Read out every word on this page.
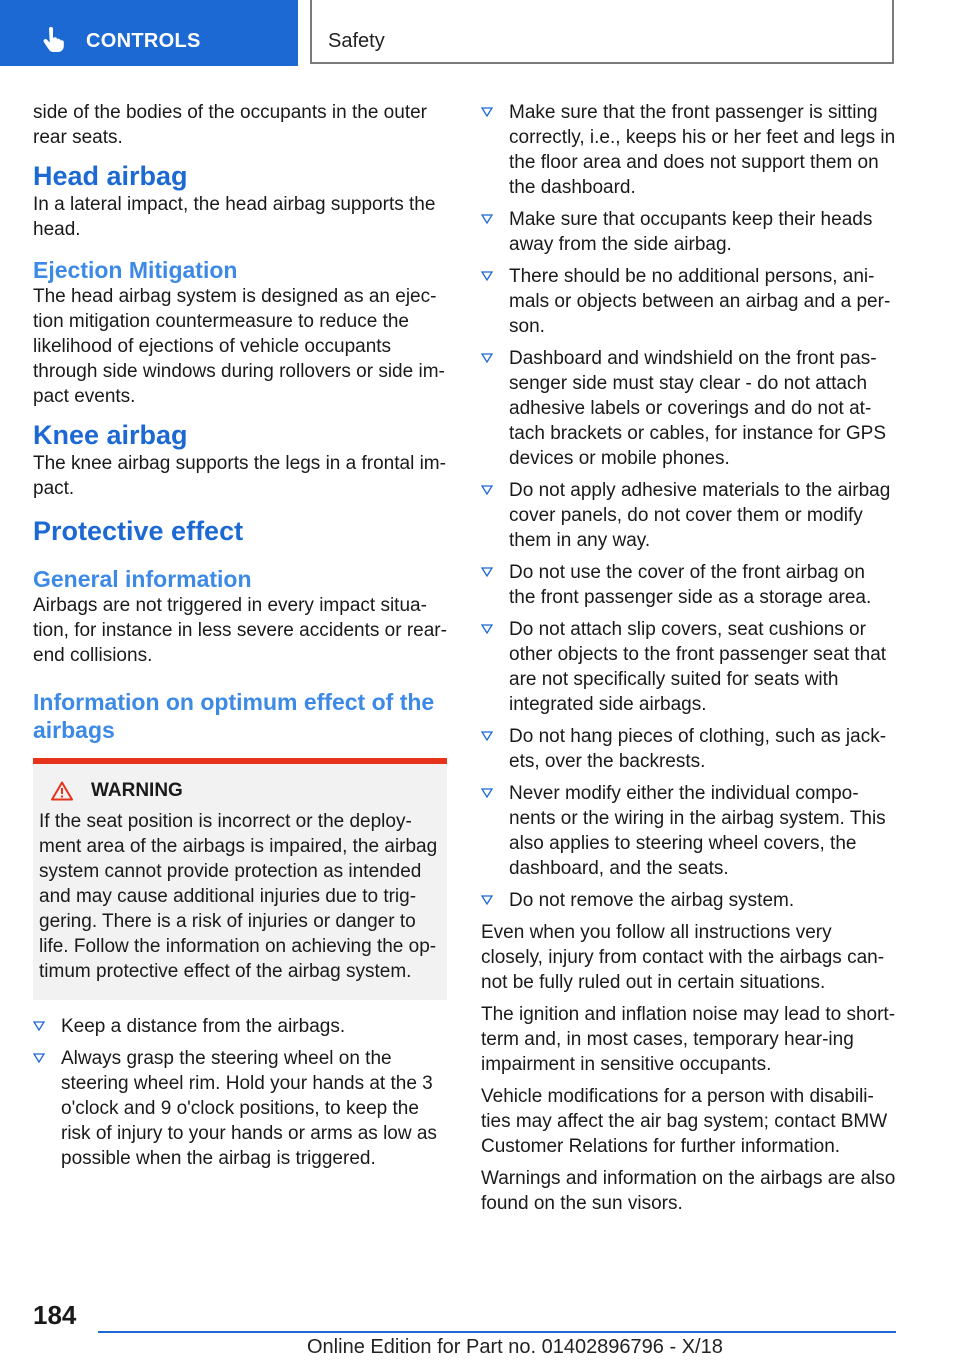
CONTROLS	Safety

side of the bodies of the occupants in the outer rear seats.

Head airbag

In a lateral impact, the head airbag supports the head.

Ejection Mitigation

The head airbag system is designed as an ejec-tion mitigation countermeasure to reduce the likelihood of ejections of vehicle occupants through side windows during rollovers or side im-pact events.

Knee airbag

The knee airbag supports the legs in a frontal im-pact.

Protective effect
General information

Airbags are not triggered in every impact situa-tion, for instance in less severe accidents or rear-end collisions.

Information on optimum effect of the airbags
WARNING
If the seat position is incorrect or the deploy-ment area of the airbags is impaired, the airbag system cannot provide protection as intended and may cause additional injuries due to trig-gering. There is a risk of injuries or danger to life. Follow the information on achieving the op-timum protective effect of the airbag system.
Keep a distance from the airbags.
Always grasp the steering wheel on the steering wheel rim. Hold your hands at the 3 o'clock and 9 o'clock positions, to keep the risk of injury to your hands or arms as low as possible when the airbag is triggered.
Make sure that the front passenger is sitting correctly, i.e., keeps his or her feet and legs in the floor area and does not support them on the dashboard.
Make sure that occupants keep their heads away from the side airbag.
There should be no additional persons, ani-mals or objects between an airbag and a per-son.
Dashboard and windshield on the front pas-senger side must stay clear - do not attach adhesive labels or coverings and do not at-tach brackets or cables, for instance for GPS devices or mobile phones.
Do not apply adhesive materials to the airbag cover panels, do not cover them or modify them in any way.
Do not use the cover of the front airbag on the front passenger side as a storage area.
Do not attach slip covers, seat cushions or other objects to the front passenger seat that are not specifically suited for seats with integrated side airbags.
Do not hang pieces of clothing, such as jack-ets, over the backrests.
Never modify either the individual compo-nents or the wiring in the airbag system. This also applies to steering wheel covers, the dashboard, and the seats.
Do not remove the airbag system.

Even when you follow all instructions very closely, injury from contact with the airbags can-not be fully ruled out in certain situations.

The ignition and inflation noise may lead to short-term and, in most cases, temporary hear-ing impairment in sensitive occupants.

Vehicle modifications for a person with disabili-ties may affect the air bag system; contact BMW Customer Relations for further information.

Warnings and information on the airbags are also found on the sun visors.

184
Online Edition for Part no. 01402896796 - X/18
